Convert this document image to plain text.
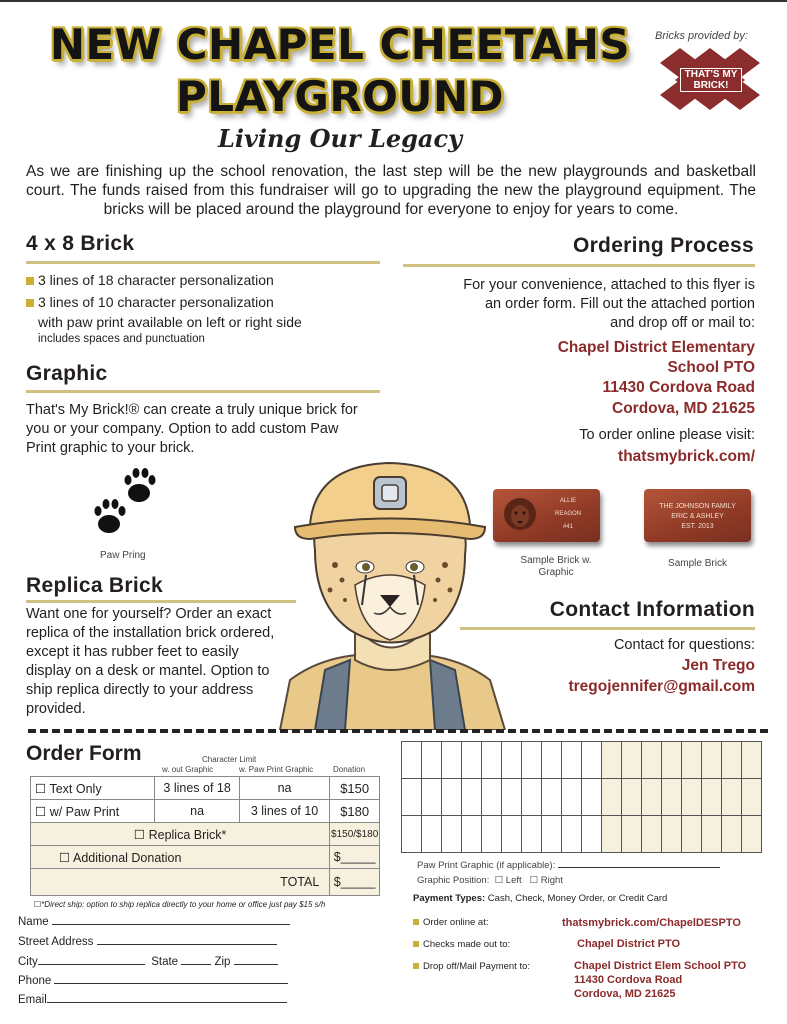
NEW CHAPEL CHEETAHS
PLAYGROUND
Living Our Legacy
Bricks provided by:
THAT'S MY BRICK!
As we are finishing up the school renovation, the last step will be the new playgrounds and basketball court. The funds raised from this fundraiser will go to upgrading the new the playground equipment. The bricks will be placed around the playground for everyone to enjoy for years to come.
4 x 8 Brick
3 lines of 18 character personalization
3 lines of 10 character personalization
with paw print available on left or right side
includes spaces and punctuation
Graphic
That's My Brick!® can create a truly unique brick for you or your company. Option to add custom Paw Print graphic to your brick.
Paw Pring
Replica Brick
Want one for yourself? Order an exact replica of the installation brick ordered, except it has rubber feet to easily display on a desk or mantel. Option to ship replica directly to your address provided.
Ordering Process
For your convenience, attached to this flyer is an order form. Fill out the attached portion and drop off or mail to:
Chapel District Elementary
School PTO
11430 Cordova Road
Cordova, MD 21625
To order online please visit:
thatsmybrick.com/
ALLIE
REAGON
#41
Sample Brick w.
Graphic
THE JOHNSON FAMILY
ERIC & ASHLEY
EST. 2013
Sample Brick
Contact Information
Contact for questions:
Jen Trego
tregojennifer@gmail.com
Order Form	Character Limit
w. out Graphic	w. Paw Print Graphic Donation
☐ Text Only	3 lines of 18	na	$150
☐ w/ Paw Print	na	3 lines of 10	$180
☐ Replica Brick*			$150/$180
☐ Additional Donation			$_____
TOTAL			$_____
☐*Direct ship: option to ship replica directly to your home or office just pay $15 s/h
Name
Street Address
City	State	Zip
Phone
Email

Paw Print Graphic (if applicable):
Graphic Position: ☐ Left ☐ Right
Payment Types: Cash, Check, Money Order, or Credit Card
Order online at:	thatsmybrick.com/ChapelDESPTO
Checks made out to:	Chapel District PTO
Drop off/Mail Payment to:	Chapel District Elem School PTO
11430 Cordova Road
Cordova, MD 21625
